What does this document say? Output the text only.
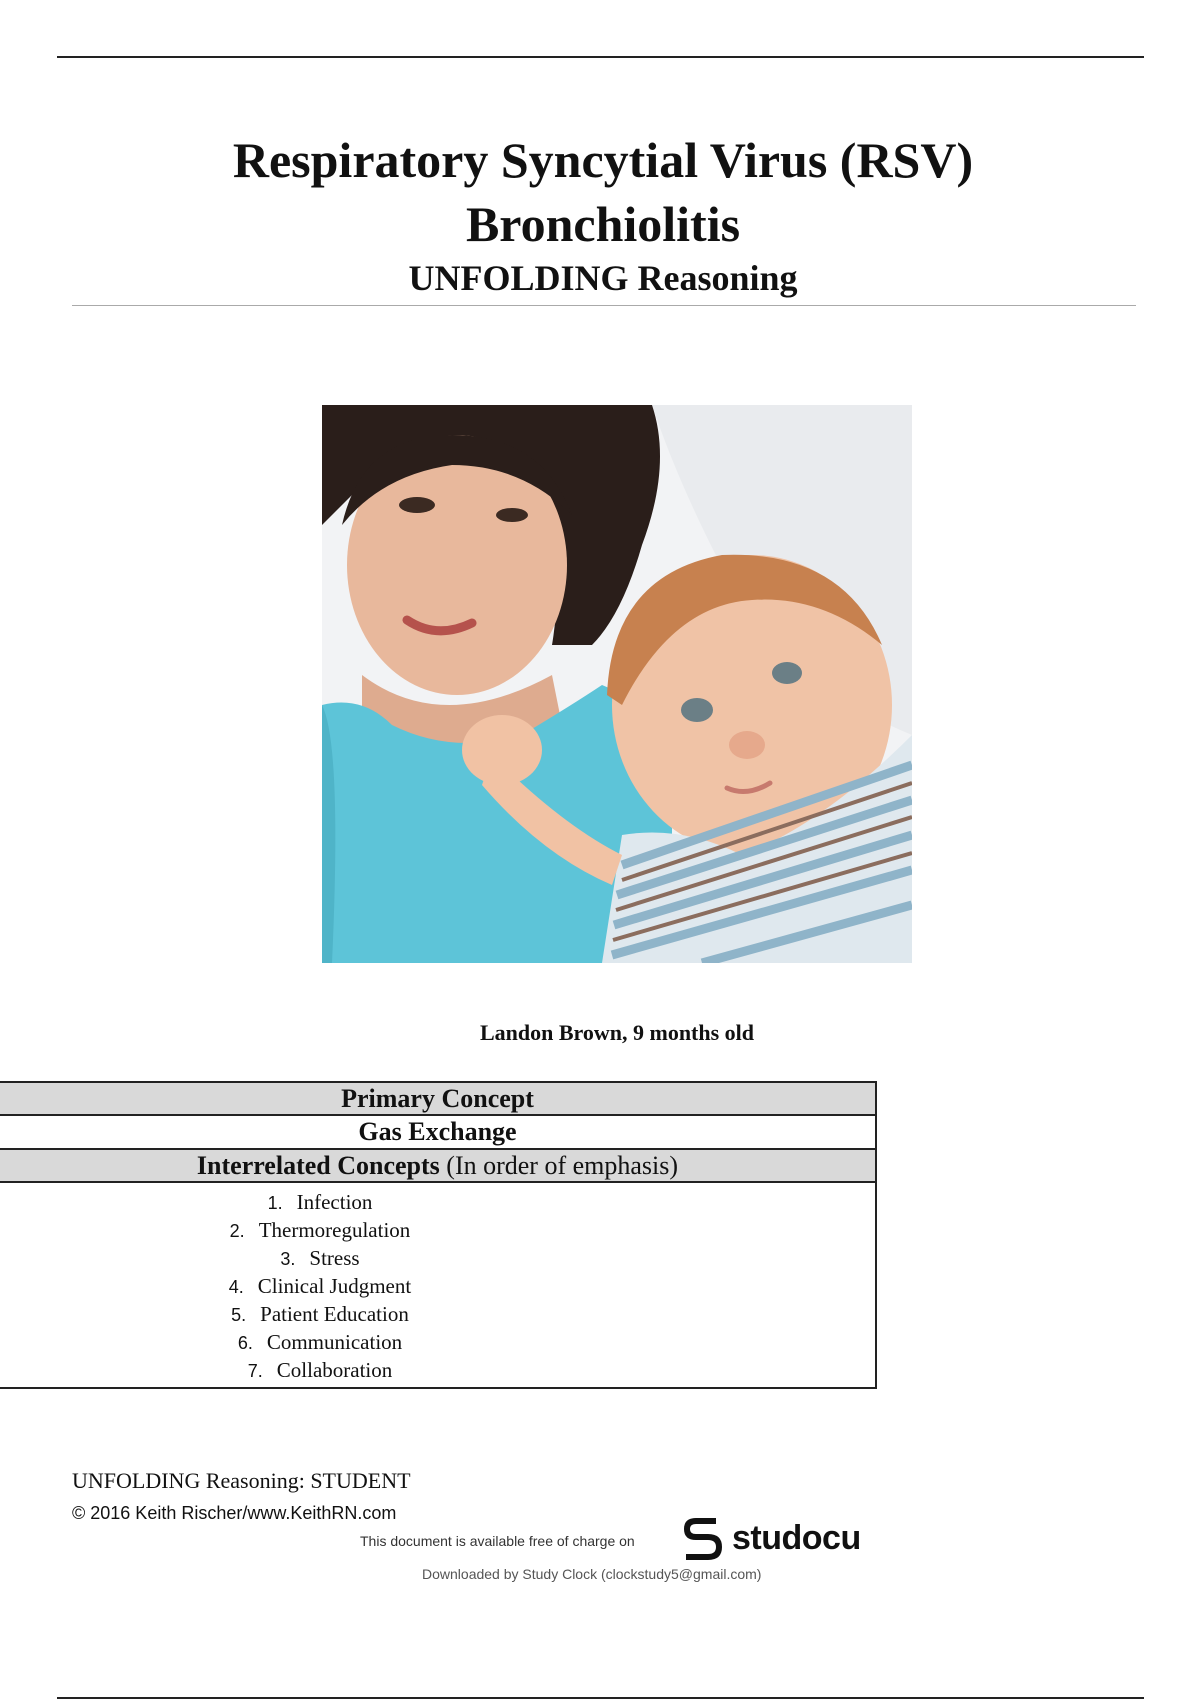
Respiratory Syncytial Virus (RSV)
Bronchiolitis
UNFOLDING Reasoning
Landon Brown, 9 months old
Primary Concept
Gas Exchange
Interrelated Concepts (In order of emphasis)
1. Infection
2. Thermoregulation
3. Stress
4. Clinical Judgment
5. Patient Education
6. Communication
7. Collaboration
UNFOLDING Reasoning: STUDENT
© 2016 Keith Rischer/www.KeithRN.com
This document is available free of charge on	studocu
Downloaded by Study Clock (clockstudy5@gmail.com)
